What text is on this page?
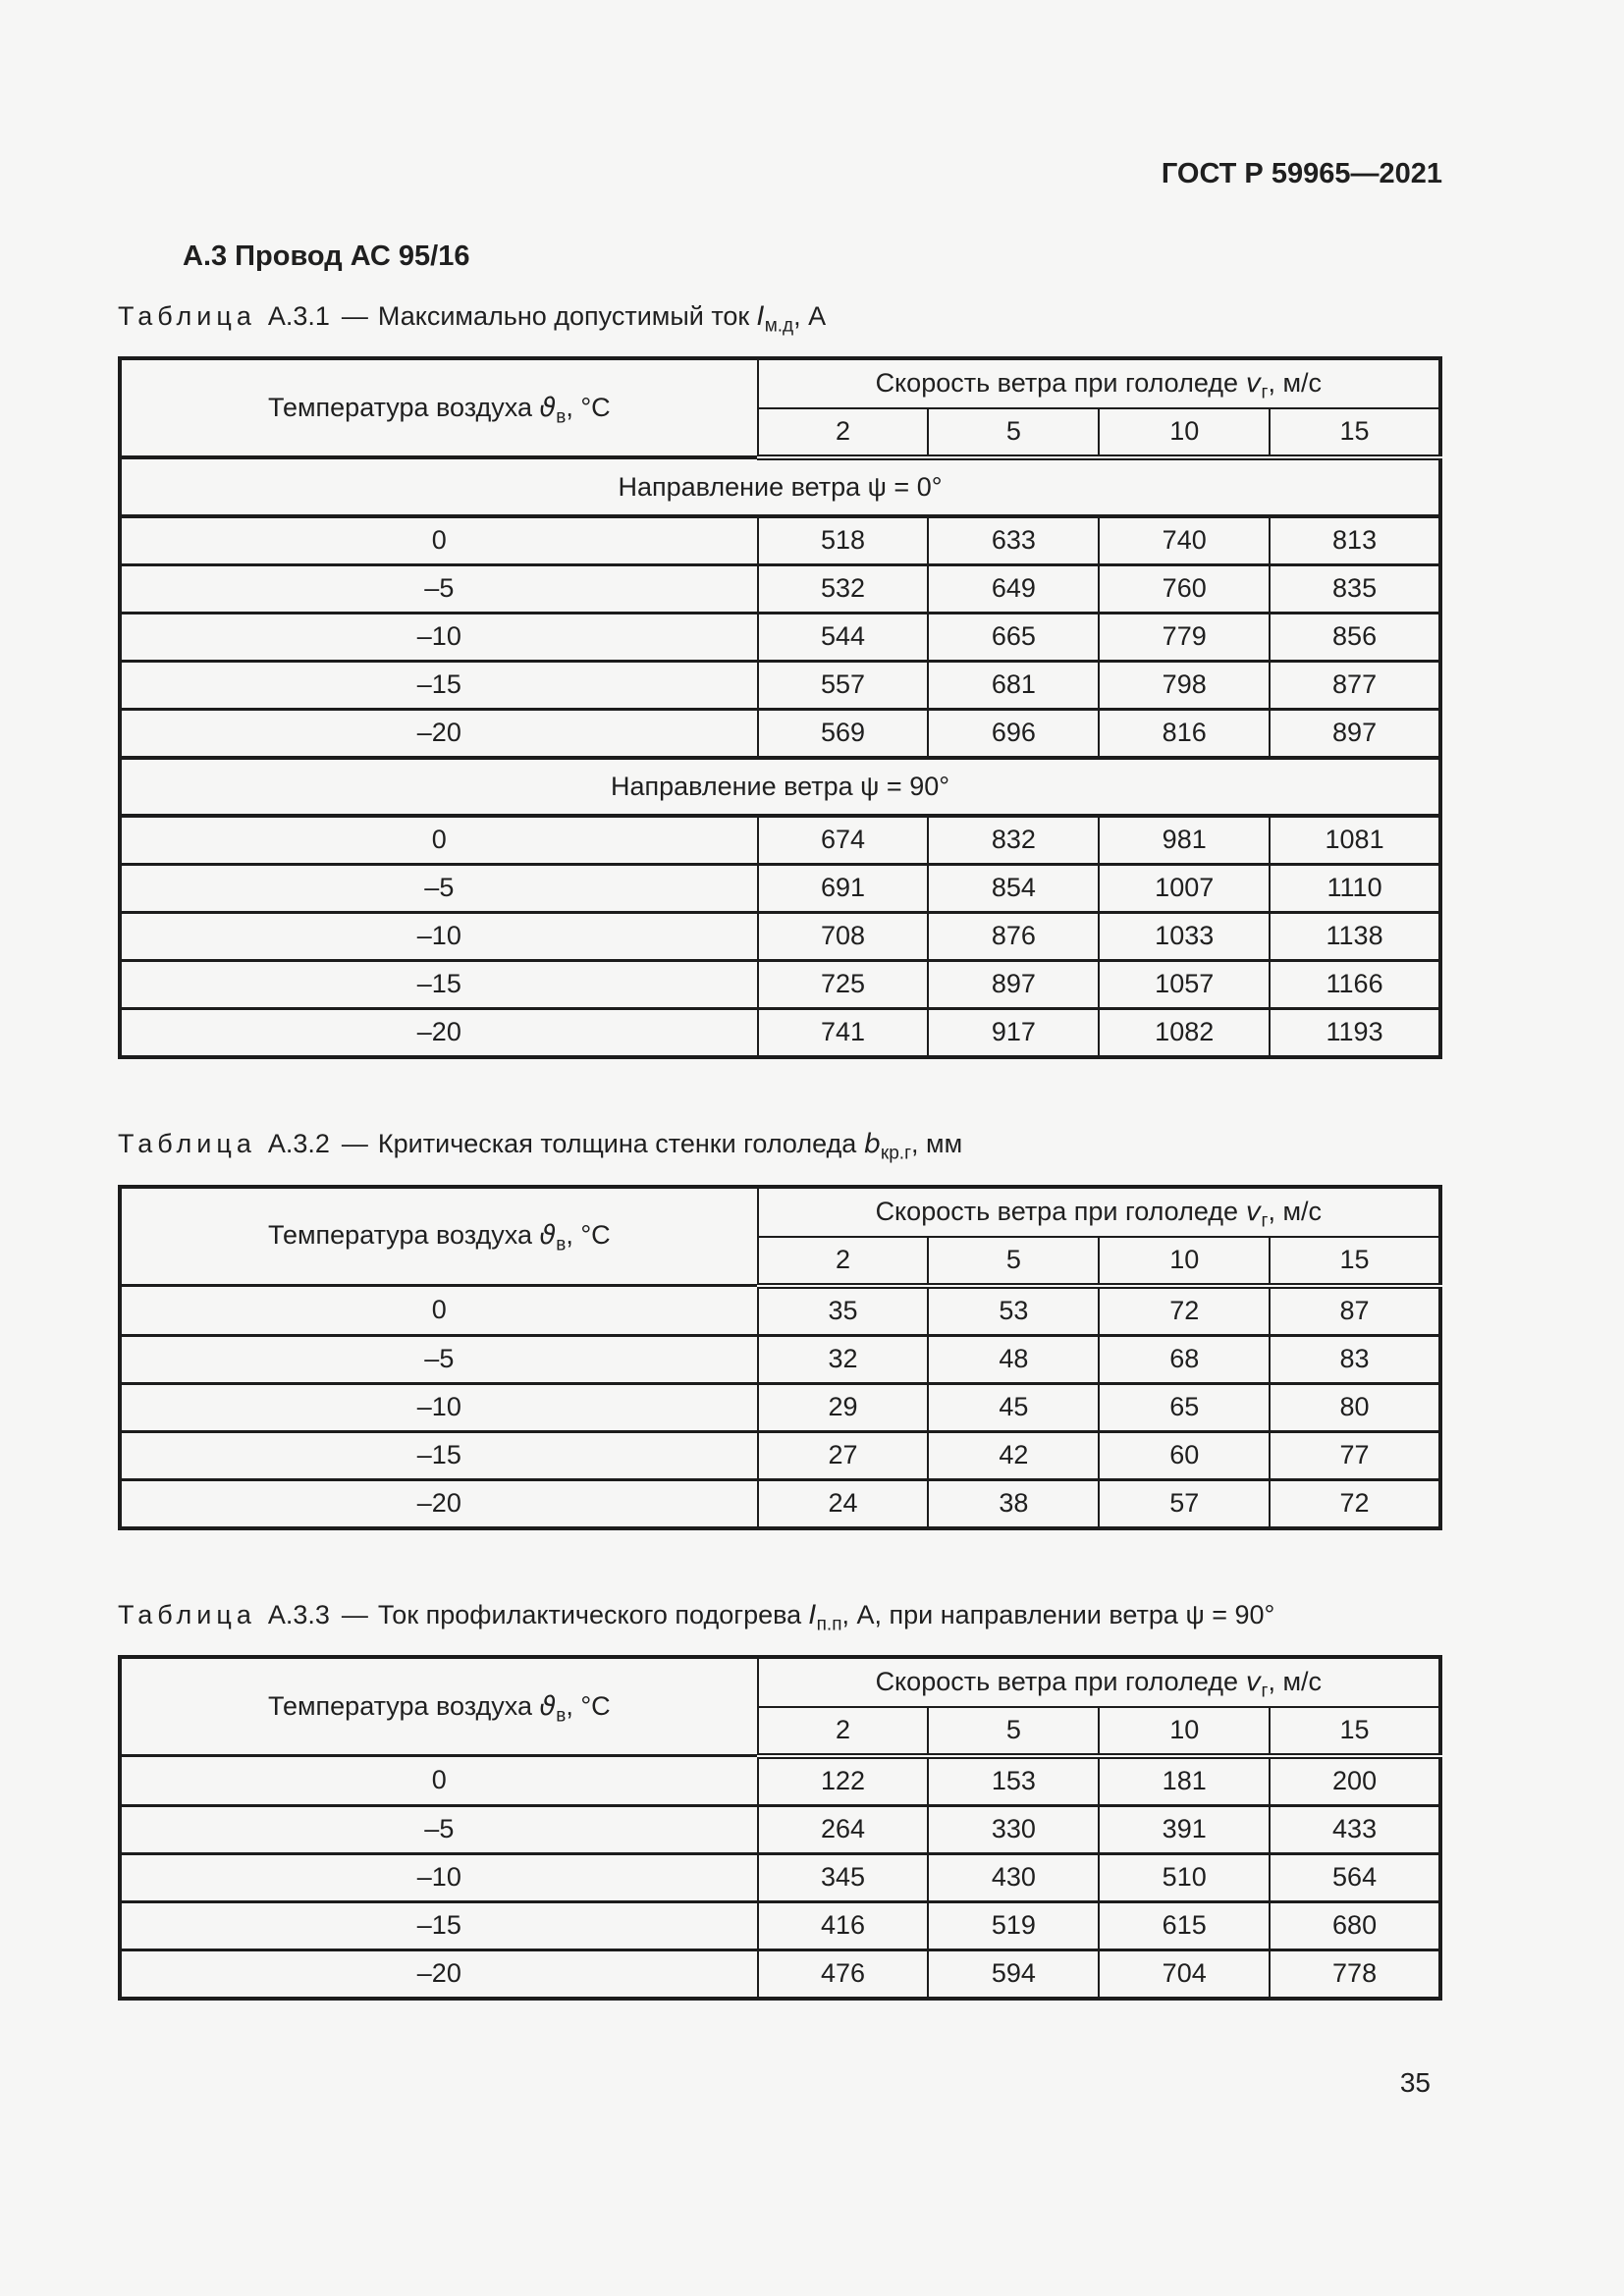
ГОСТ Р 59965—2021
А.3 Провод АС 95/16

Таблица А.3.1 — Максимально допустимый ток $I_{м.д}$, А

Температура воздуха $ϑ_в$, °С	Скорость ветра при гололеде $v_г$, м/с			
	2	5	10	15
Направление ветра ψ = 0°				
0	518	633	740	813
–5	532	649	760	835
–10	544	665	779	856
–15	557	681	798	877
–20	569	696	816	897
Направление ветра ψ = 90°				
0	674	832	981	1081
–5	691	854	1007	1110
–10	708	876	1033	1138
–15	725	897	1057	1166
–20	741	917	1082	1193

Таблица А.3.2 — Критическая толщина стенки гололеда $b_{кр.г}$, мм

Температура воздуха $ϑ_в$, °С	Скорость ветра при гололеде $v_г$, м/с			
	2	5	10	15
0	35	53	72	87
–5	32	48	68	83
–10	29	45	65	80
–15	27	42	60	77
–20	24	38	57	72

Таблица А.3.3 — Ток профилактического подогрева $I_{п.п}$, А, при направлении ветра ψ = 90°

Температура воздуха $ϑ_в$, °С	Скорость ветра при гололеде $v_г$, м/с			
	2	5	10	15
0	122	153	181	200
–5	264	330	391	433
–10	345	430	510	564
–15	416	519	615	680
–20	476	594	704	778
35
